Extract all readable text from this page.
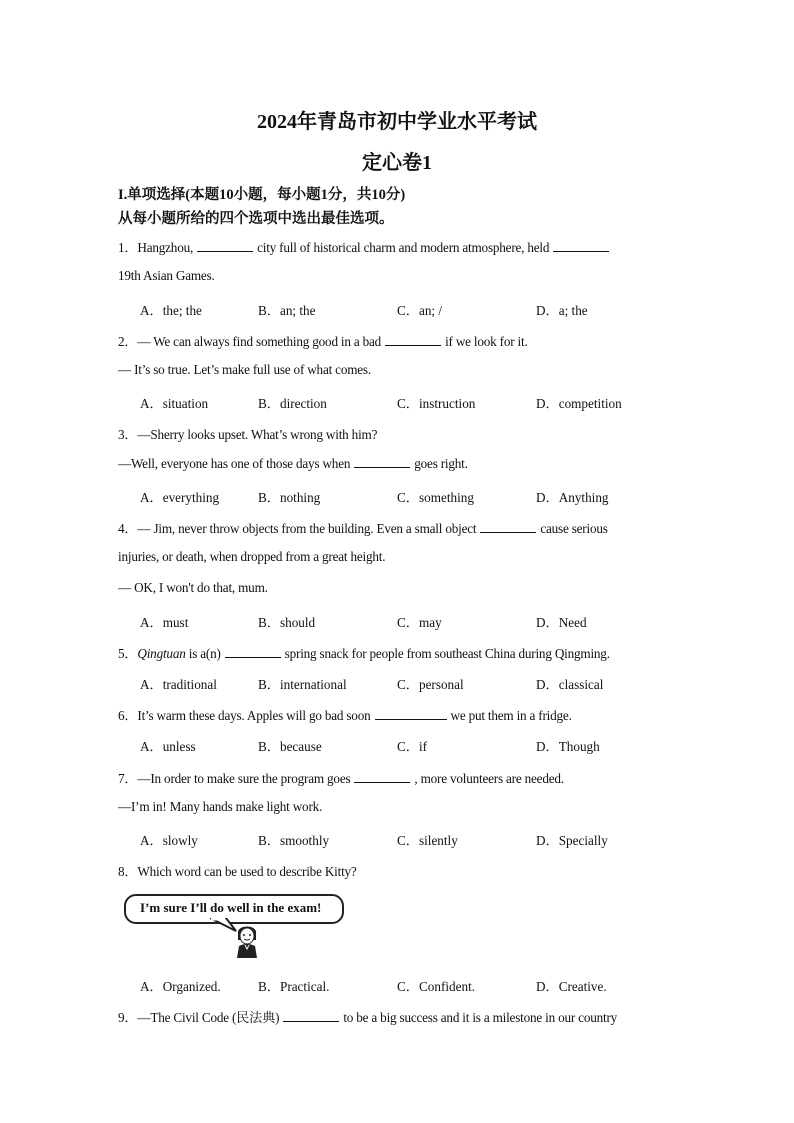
2024年青岛市初中学业水平考试
定心卷1
I.单项选择(本题10小题，每小题1分，共10分)
从每小题所给的四个选项中选出最佳选项。
1．Hangzhou,	city full of historical charm and modern atmosphere, held
19th Asian Games.
A．the; the	B．an; the	C．an; /	D．a; the
2．— We can always find something good in a bad	if we look for it.
— It’s so true. Let’s make full use of what comes.
A．situation	B．direction	C．instruction	D．competition
3．—Sherry looks upset. What’s wrong with him?
—Well, everyone has one of those days when	goes right.
A．everything	B．nothing	C．something	D．Anything
4．— Jim, never throw objects from the building. Even a small object	cause serious
injuries, or death, when dropped from a great height.
— OK, I won't do that, mum.
A．must	B．should	C．may	D．Need
5．Qingtuan is a(n)	spring snack for people from southeast China during Qingming.
A．traditional	B．international	C．personal	D．classical
6．It’s warm these days. Apples will go bad soon	we put them in a fridge.
A．unless	B．because	C．if	D．Though
7．—In order to make sure the program goes	, more volunteers are needed.
—I’m in! Many hands make light work.
A．slowly	B．smoothly	C．silently	D．Specially
8．Which word can be used to describe Kitty?
I’m sure I’ll do well in the exam!
A．Organized.	B．Practical.	C．Confident.	D．Creative.
9．—The Civil Code (民法典)	to be a big success and it is a milestone in our country
